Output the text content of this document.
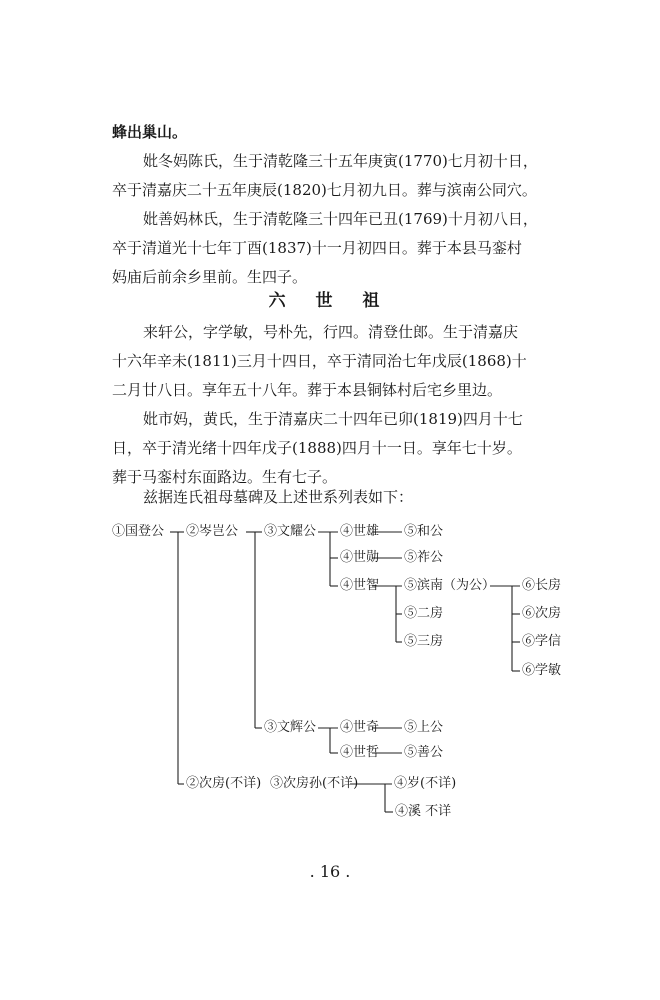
蜂出巢山。
妣冬妈陈氏，生于清乾隆三十五年庚寅(1770)七月初十日，
卒于清嘉庆二十五年庚辰(1820)七月初九日。葬与滨南公同穴。
妣善妈林氏，生于清乾隆三十四年已丑(1769)十月初八日，
卒于清道光十七年丁酉(1837)十一月初四日。葬于本县马銮村
妈庙后前余乡里前。生四子。
六 世 祖
来轩公，字学敏，号朴先，行四。清登仕郎。生于清嘉庆
十六年辛未(1811)三月十四日，卒于清同治七年戊辰(1868)十
二月廿八日。享年五十八年。葬于本县铜钵村后宅乡里边。
妣市妈，黄氏，生于清嘉庆二十四年已卯(1819)四月十七
日，卒于清光绪十四年戊子(1888)四月十一日。享年七十岁。
葬于马銮村东面路边。生有七子。
兹据连氏祖母墓碑及上述世系列表如下：
①国登公 ②岑岂公 ③文耀公 ④世雄 ⑤和公
④世勋 ⑤祚公
④世智 ⑤滨南（为公）
⑤二房
⑤三房
⑥长房
⑥次房
⑥学信
⑥学敏
③文辉公 ④世奇 ⑤上公
④世哲 ⑤善公
②次房(不详) ③次房孙(不详)	④岁(不详)
④溪 不详
. 16 .
